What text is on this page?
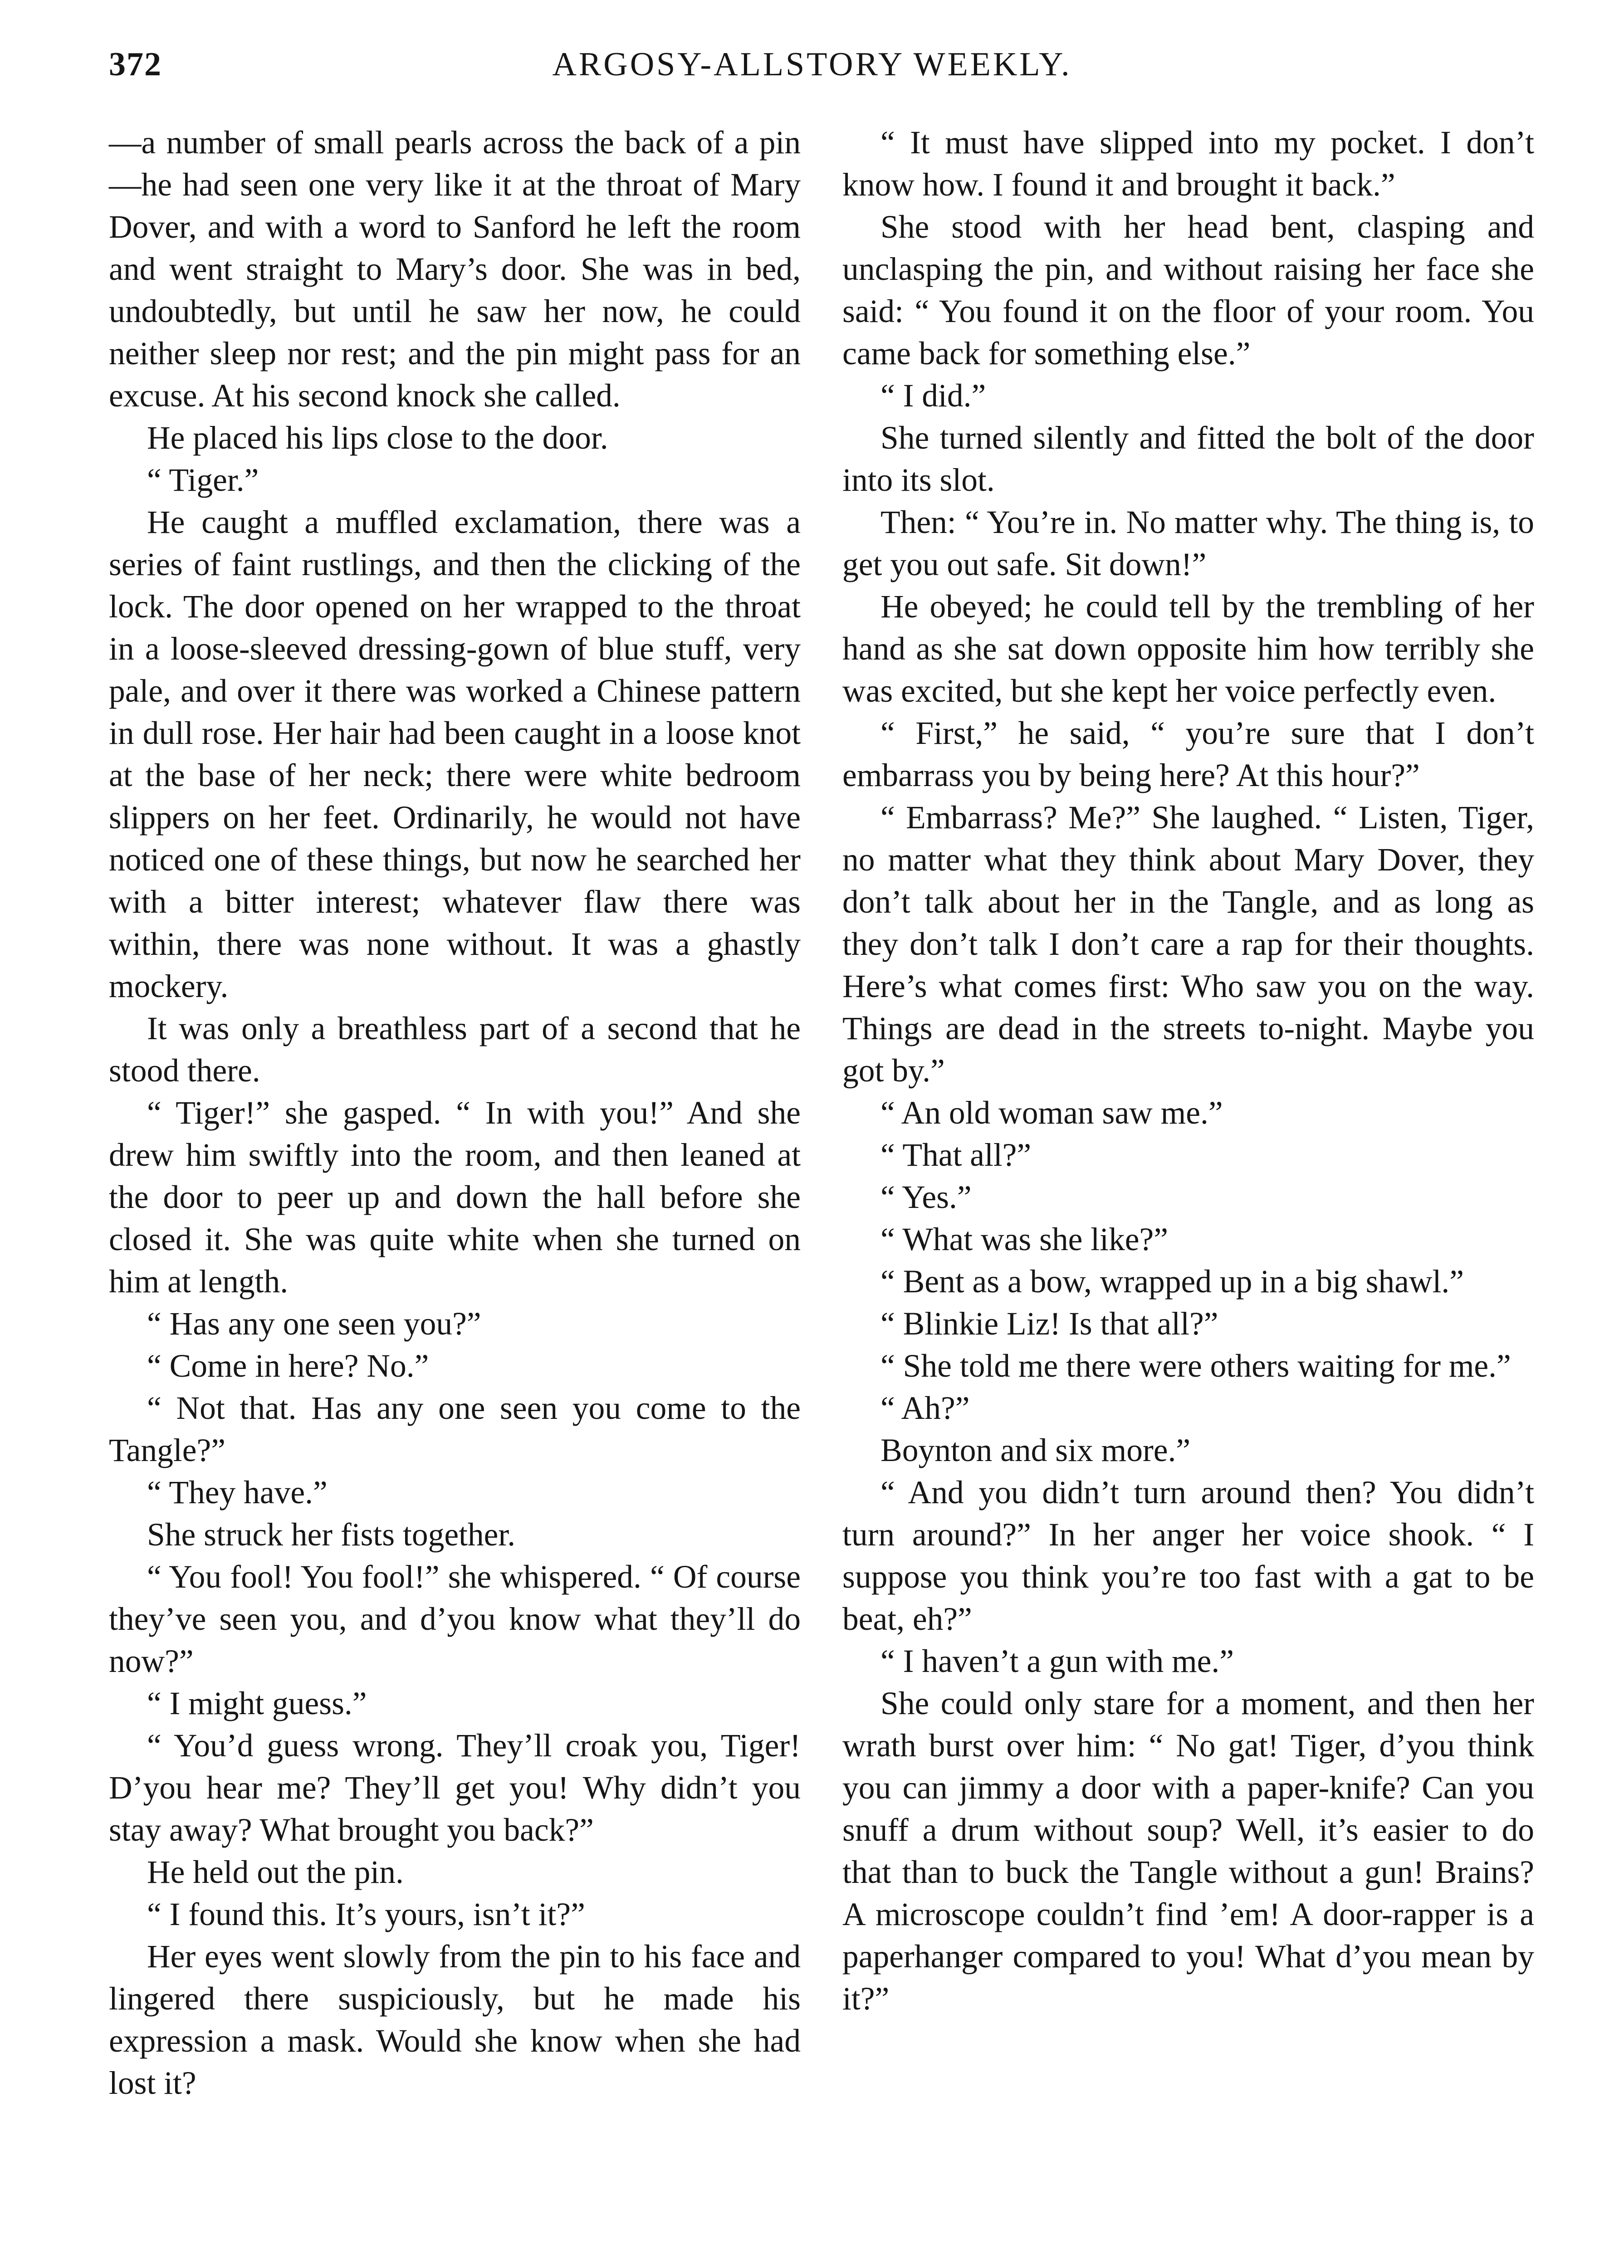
372	ARGOSY-ALLSTORY WEEKLY.

—a number of small pearls across the back of a pin—he had seen one very like it at the throat of Mary Dover, and with a word to Sanford he left the room and went straight to Mary’s door. She was in bed, undoubtedly, but until he saw her now, he could neither sleep nor rest; and the pin might pass for an excuse. At his second knock she called.

He placed his lips close to the door.

“ Tiger.”

He caught a muffled exclamation, there was a series of faint rustlings, and then the clicking of the lock. The door opened on her wrapped to the throat in a loose-sleeved dressing-gown of blue stuff, very pale, and over it there was worked a Chinese pattern in dull rose. Her hair had been caught in a loose knot at the base of her neck; there were white bedroom slippers on her feet. Ordinarily, he would not have noticed one of these things, but now he searched her with a bitter interest; whatever flaw there was within, there was none without. It was a ghastly mockery.

It was only a breathless part of a second that he stood there.

“ Tiger!” she gasped. “ In with you!” And she drew him swiftly into the room, and then leaned at the door to peer up and down the hall before she closed it. She was quite white when she turned on him at length.

“ Has any one seen you?”

“ Come in here? No.”

“ Not that. Has any one seen you come to the Tangle?”

“ They have.”

She struck her fists together.

“ You fool! You fool!” she whispered. “ Of course they’ve seen you, and d’you know what they’ll do now?”

“ I might guess.”

“ You’d guess wrong. They’ll croak you, Tiger! D’you hear me? They’ll get you! Why didn’t you stay away? What brought you back?”

He held out the pin.

“ I found this. It’s yours, isn’t it?”

Her eyes went slowly from the pin to his face and lingered there suspiciously, but he made his expression a mask. Would she know when she had lost it?

“ It must have slipped into my pocket. I don’t know how. I found it and brought it back.”

She stood with her head bent, clasping and unclasping the pin, and without raising her face she said: “ You found it on the floor of your room. You came back for something else.”

“ I did.”

She turned silently and fitted the bolt of the door into its slot.

Then: “ You’re in. No matter why. The thing is, to get you out safe. Sit down!”

He obeyed; he could tell by the trembling of her hand as she sat down opposite him how terribly she was excited, but she kept her voice perfectly even.

“ First,” he said, “ you’re sure that I don’t embarrass you by being here? At this hour?”

“ Embarrass? Me?” She laughed. “ Listen, Tiger, no matter what they think about Mary Dover, they don’t talk about her in the Tangle, and as long as they don’t talk I don’t care a rap for their thoughts. Here’s what comes first: Who saw you on the way. Things are dead in the streets to-night. Maybe you got by.”

“ An old woman saw me.”

“ That all?”

“ Yes.”

“ What was she like?”

“ Bent as a bow, wrapped up in a big shawl.”

“ Blinkie Liz! Is that all?”

“ She told me there were others waiting for me.”

“ Ah?”

Boynton and six more.”

“ And you didn’t turn around then? You didn’t turn around?” In her anger her voice shook. “ I suppose you think you’re too fast with a gat to be beat, eh?”

“ I haven’t a gun with me.”

She could only stare for a moment, and then her wrath burst over him: “ No gat! Tiger, d’you think you can jimmy a door with a paper-knife? Can you snuff a drum without soup? Well, it’s easier to do that than to buck the Tangle without a gun! Brains? A microscope couldn’t find ’em! A door-rapper is a paperhanger compared to you! What d’you mean by it?”
